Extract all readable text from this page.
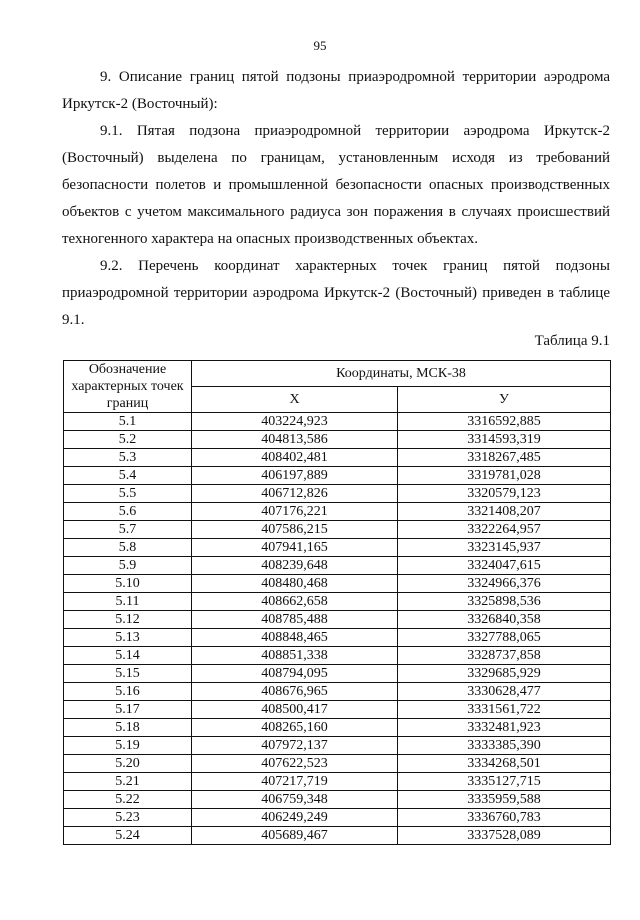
95
9. Описание границ пятой подзоны приаэродромной территории аэродрома
Иркутск-2 (Восточный):
9.1. Пятая подзона приаэродромной территории аэродрома Иркутск-2 (Восточный) выделена по границам, установленным исходя из требований безопасности полетов и промышленной безопасности опасных производственных объектов с учетом максимального радиуса зон поражения в случаях происшествий техногенного характера на опасных производственных объектах.
9.2. Перечень координат характерных точек границ пятой подзоны приаэродромной территории аэродрома Иркутск-2 (Восточный) приведен в таблице 9.1.
Таблица 9.1
Обозначение характерных точек границ	Координаты, МСК-38	
	X	У
5.1	403224,923	3316592,885
5.2	404813,586	3314593,319
5.3	408402,481	3318267,485
5.4	406197,889	3319781,028
5.5	406712,826	3320579,123
5.6	407176,221	3321408,207
5.7	407586,215	3322264,957
5.8	407941,165	3323145,937
5.9	408239,648	3324047,615
5.10	408480,468	3324966,376
5.11	408662,658	3325898,536
5.12	408785,488	3326840,358
5.13	408848,465	3327788,065
5.14	408851,338	3328737,858
5.15	408794,095	3329685,929
5.16	408676,965	3330628,477
5.17	408500,417	3331561,722
5.18	408265,160	3332481,923
5.19	407972,137	3333385,390
5.20	407622,523	3334268,501
5.21	407217,719	3335127,715
5.22	406759,348	3335959,588
5.23	406249,249	3336760,783
5.24	405689,467	3337528,089
